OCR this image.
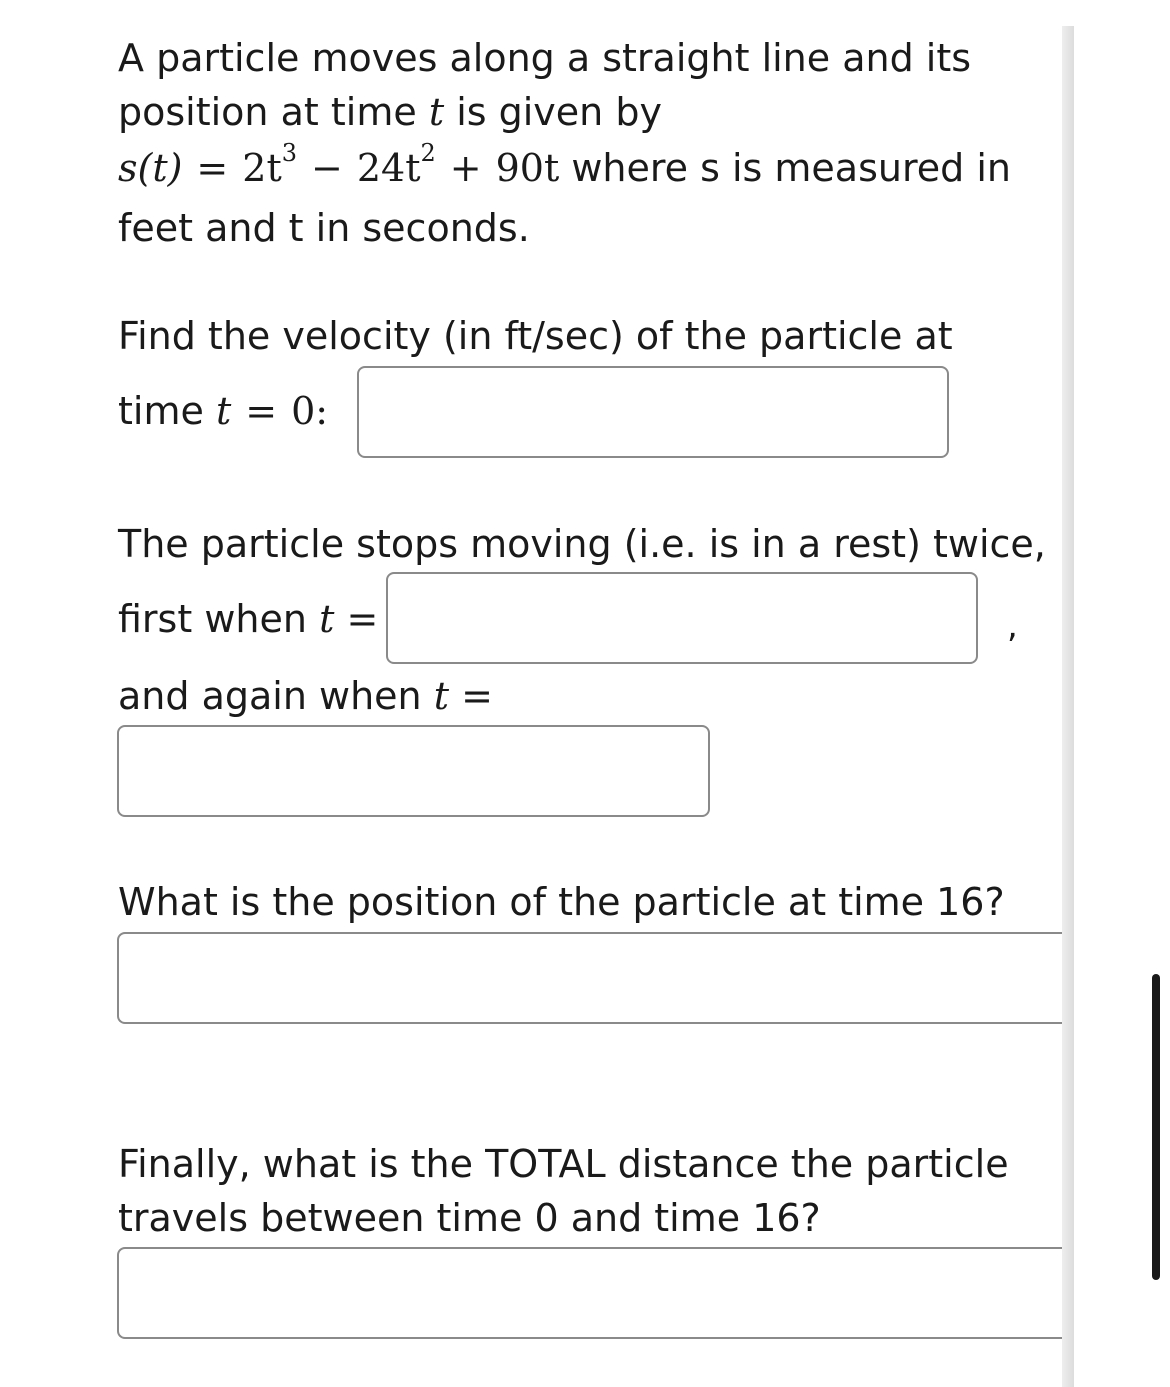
A particle moves along a straight line and its
position at time t is given by
$s(t) = 2t^3 - 24t^2 + 90t$ where s is measured in
feet and t in seconds.
Find the velocity (in ft/sec) of the particle at
time t = 0:
The particle stops moving (i.e. is in a rest) twice,
first when t =	,
and again when t =
What is the position of the particle at time 16?
Finally, what is the TOTAL distance the particle
travels between time 0 and time 16?
